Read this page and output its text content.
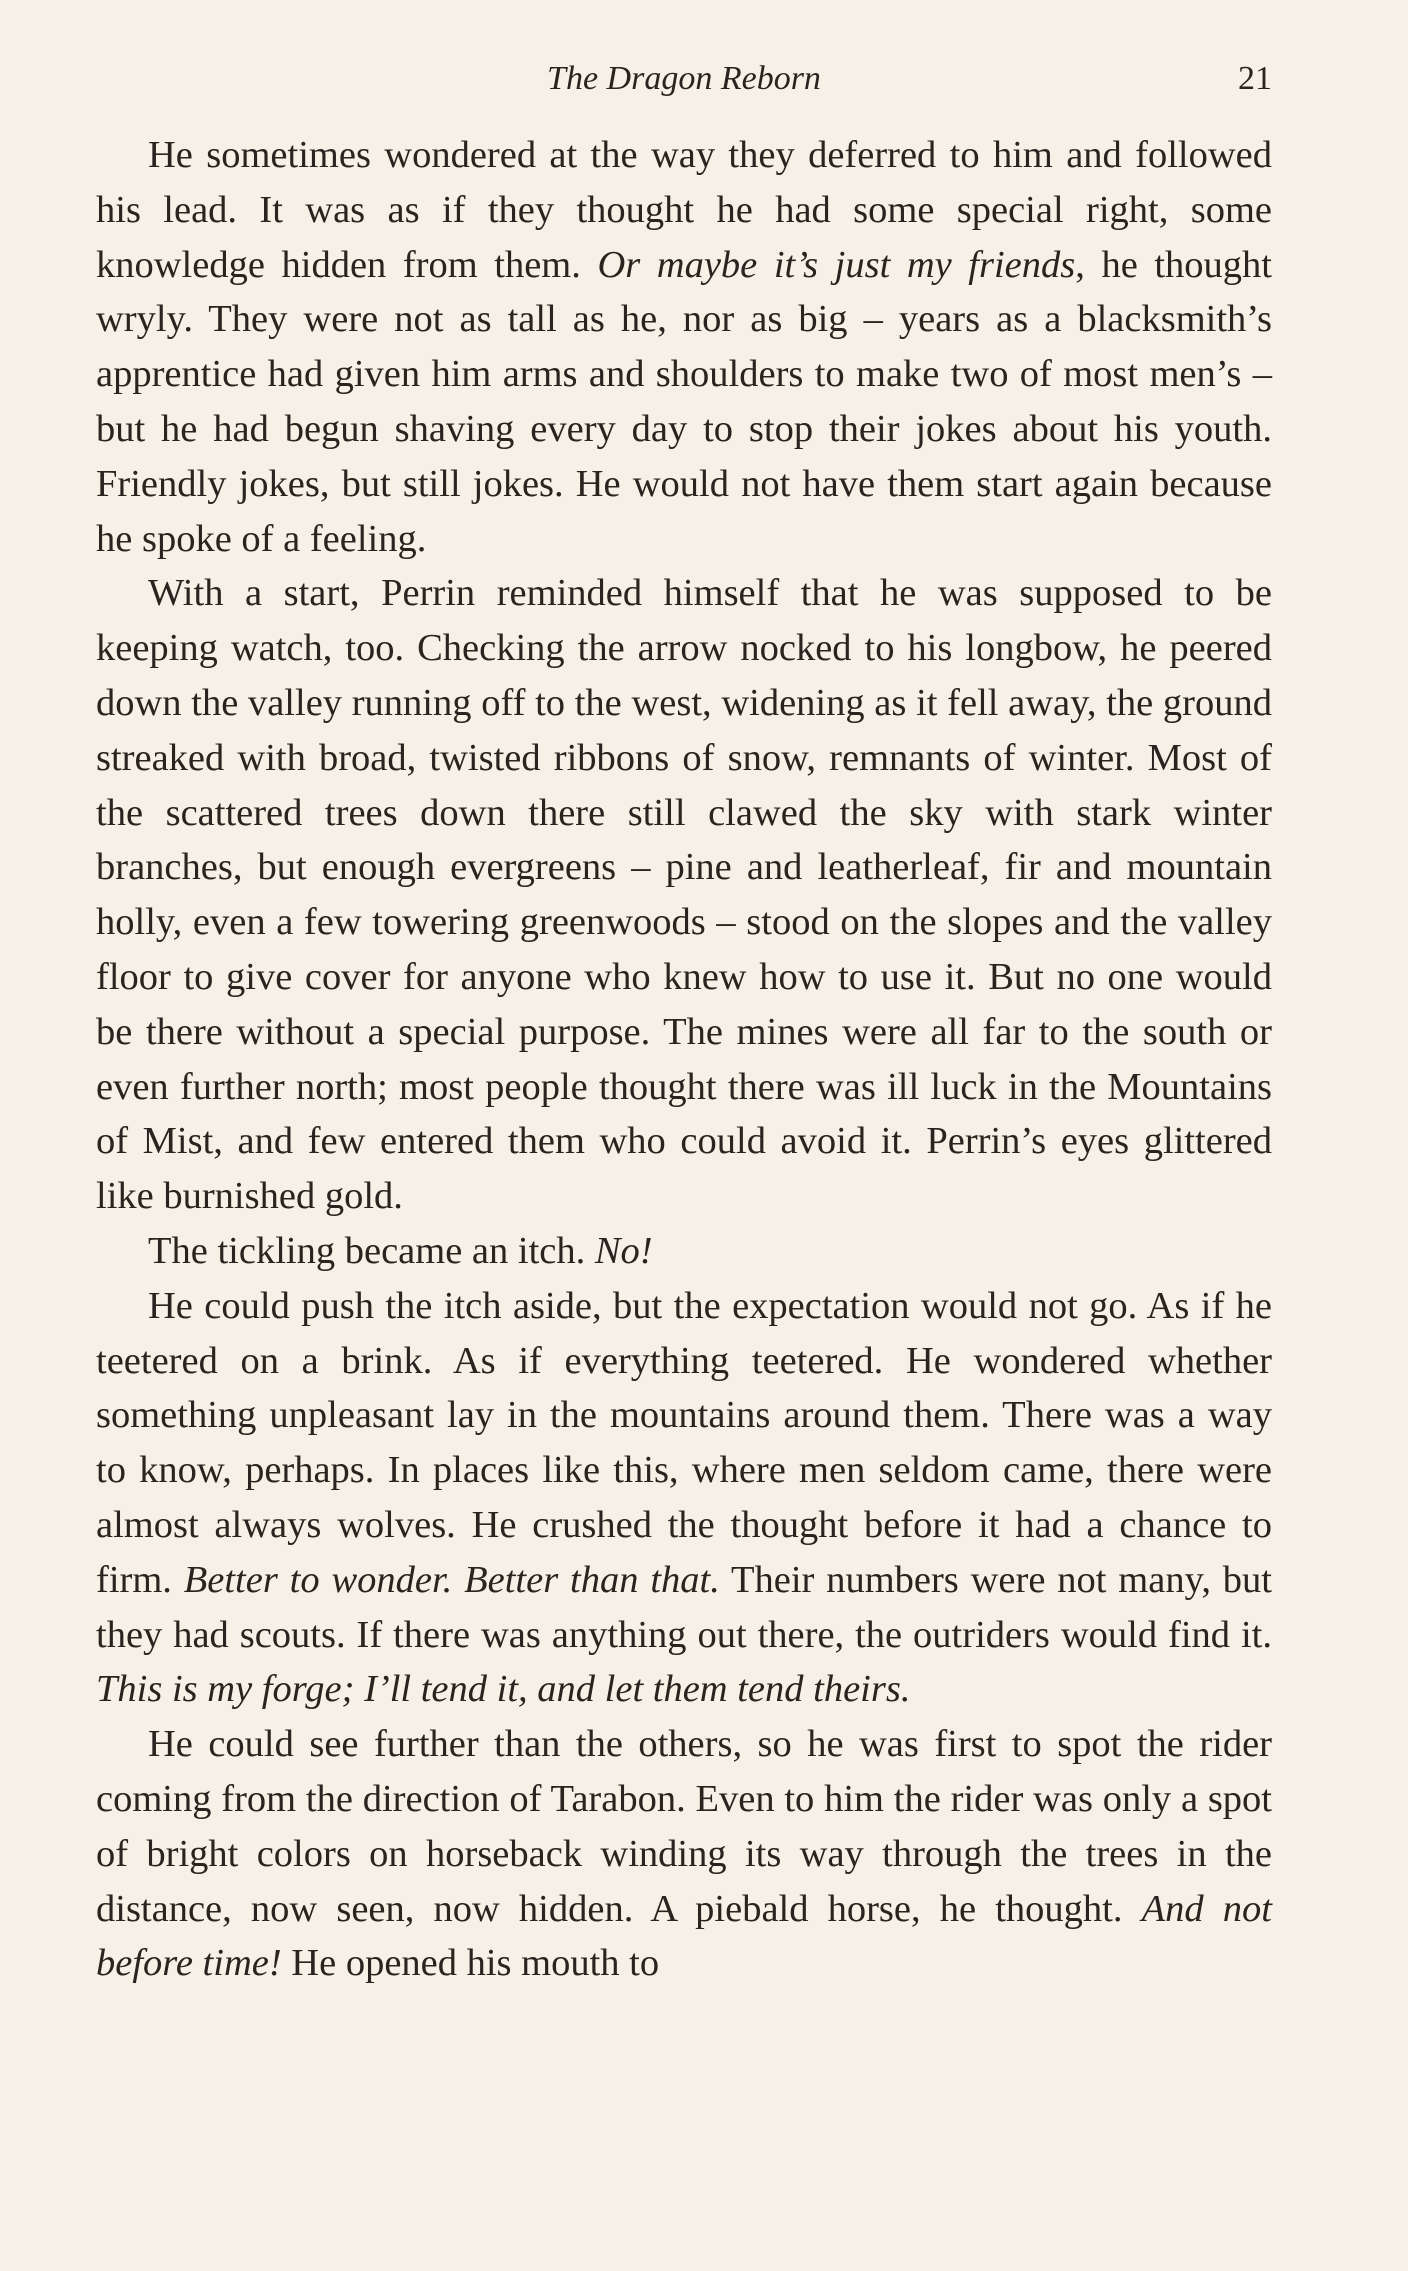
The Dragon Reborn	21

He sometimes wondered at the way they deferred to him and followed his lead. It was as if they thought he had some special right, some knowledge hidden from them. Or maybe it’s just my friends, he thought wryly. They were not as tall as he, nor as big – years as a blacksmith’s apprentice had given him arms and shoulders to make two of most men’s – but he had begun shaving every day to stop their jokes about his youth. Friendly jokes, but still jokes. He would not have them start again because he spoke of a feeling.

With a start, Perrin reminded himself that he was supposed to be keeping watch, too. Checking the arrow nocked to his longbow, he peered down the valley running off to the west, widening as it fell away, the ground streaked with broad, twisted ribbons of snow, remnants of winter. Most of the scattered trees down there still clawed the sky with stark winter branches, but enough evergreens – pine and leatherleaf, fir and mountain holly, even a few towering greenwoods – stood on the slopes and the valley floor to give cover for anyone who knew how to use it. But no one would be there without a special purpose. The mines were all far to the south or even further north; most people thought there was ill luck in the Mountains of Mist, and few entered them who could avoid it. Perrin’s eyes glittered like burnished gold.

The tickling became an itch. No!

He could push the itch aside, but the expectation would not go. As if he teetered on a brink. As if everything teetered. He wondered whether something unpleasant lay in the mountains around them. There was a way to know, perhaps. In places like this, where men seldom came, there were almost always wolves. He crushed the thought before it had a chance to firm. Better to wonder. Better than that. Their numbers were not many, but they had scouts. If there was anything out there, the outriders would find it. This is my forge; I’ll tend it, and let them tend theirs.

He could see further than the others, so he was first to spot the rider coming from the direction of Tarabon. Even to him the rider was only a spot of bright colors on horseback winding its way through the trees in the distance, now seen, now hidden. A piebald horse, he thought. And not before time! He opened his mouth to
